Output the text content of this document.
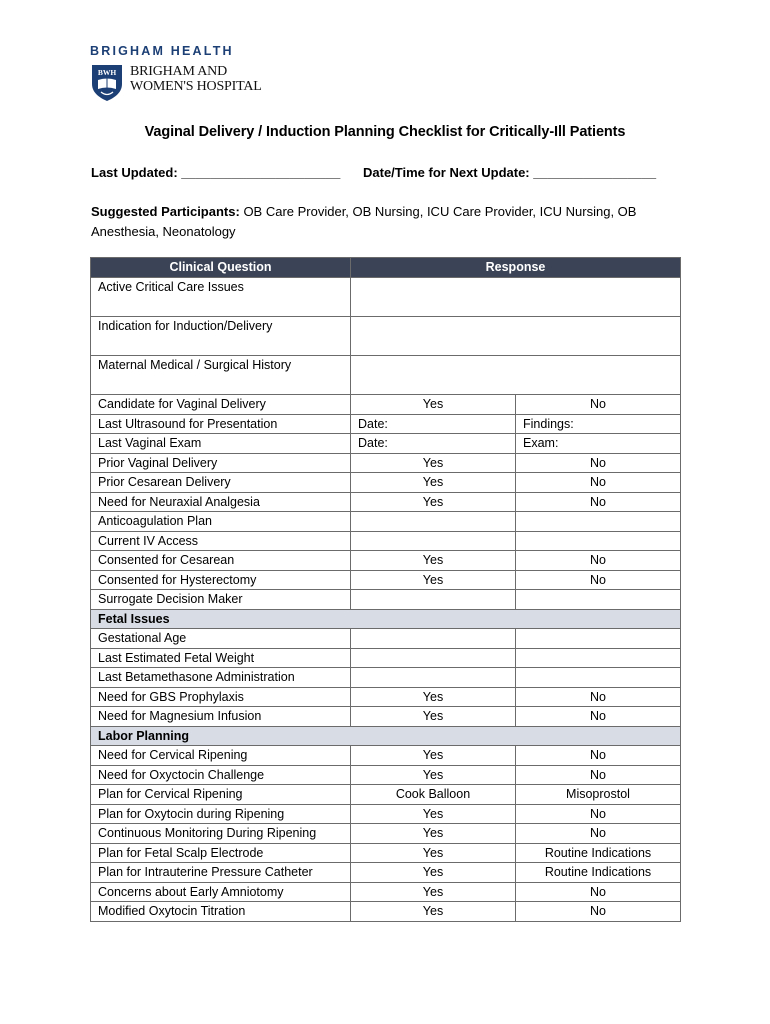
BRIGHAM HEALTH
BWH BRIGHAM AND
WOMEN'S HOSPITAL
Vaginal Delivery / Induction Planning Checklist for Critically-Ill Patients
Last Updated: ______________________ Date/Time for Next Update: _________________
Suggested Participants: OB Care Provider, OB Nursing, ICU Care Provider, ICU Nursing, OB Anesthesia, Neonatology
Clinical Question	Response	
Active Critical Care Issues		
Indication for Induction/Delivery		
Maternal Medical / Surgical History		
Candidate for Vaginal Delivery	Yes	No
Last Ultrasound for Presentation	Date:	Findings:
Last Vaginal Exam	Date:	Exam:
Prior Vaginal Delivery	Yes	No
Prior Cesarean Delivery	Yes	No
Need for Neuraxial Analgesia	Yes	No
Anticoagulation Plan		
Current IV Access		
Consented for Cesarean	Yes	No
Consented for Hysterectomy	Yes	No
Surrogate Decision Maker		
Fetal Issues		
Gestational Age		
Last Estimated Fetal Weight		
Last Betamethasone Administration		
Need for GBS Prophylaxis	Yes	No
Need for Magnesium Infusion	Yes	No
Labor Planning		
Need for Cervical Ripening	Yes	No
Need for Oxyctocin Challenge	Yes	No
Plan for Cervical Ripening	Cook Balloon	Misoprostol
Plan for Oxytocin during Ripening	Yes	No
Continuous Monitoring During Ripening	Yes	No
Plan for Fetal Scalp Electrode	Yes	Routine Indications
Plan for Intrauterine Pressure Catheter	Yes	Routine Indications
Concerns about Early Amniotomy	Yes	No
Modified Oxytocin Titration	Yes	No
